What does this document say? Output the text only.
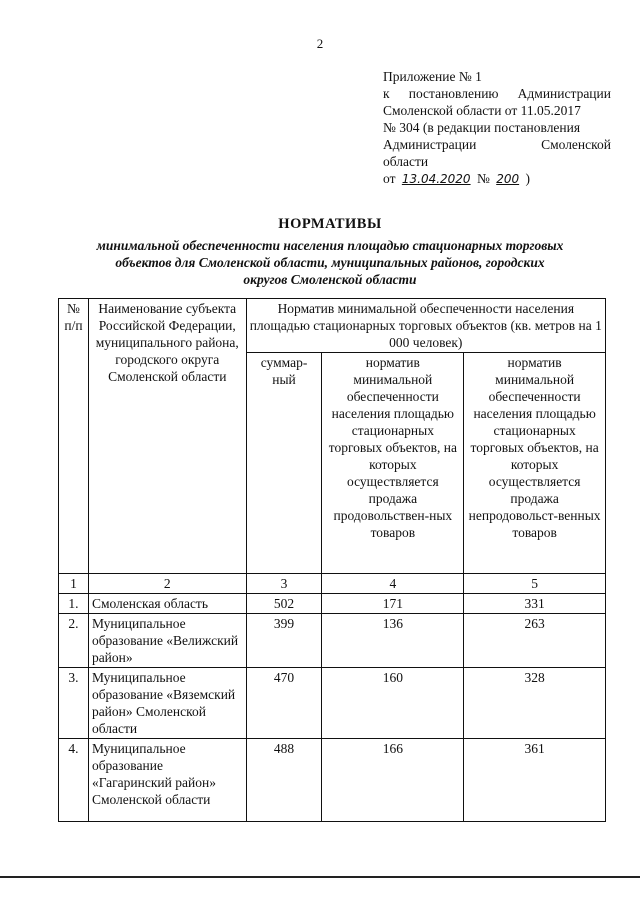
2
Приложение № 1
к постановлению Администрации
Смоленской области от 11.05.2017
№ 304 (в редакции постановления
Администрации	Смоленской
области
от 13.04.2020 № 200 )
НОРМАТИВЫ
минимальной обеспеченности населения площадью стационарных торговых
объектов для Смоленской области, муниципальных районов, городских
округов Смоленской области
№ п/п	Наименование субъекта Российской Федерации, муниципального района, городского округа Смоленской области	Норматив минимальной обеспеченности населения площадью стационарных торговых объектов (кв. метров на 1 000 человек)		
		суммар-ный	норматив минимальной обеспеченности населения площадью стационарных торговых объектов, на которых осуществляется продажа продовольствен-ных товаров	норматив минимальной обеспеченности населения площадью стационарных торговых объектов, на которых осуществляется продажа непродовольст-венных товаров
1	2	3	4	5
1.	Смоленская область	502	171	331
2.	Муниципальное образование «Велижский район»	399	136	263
3.	Муниципальное образование «Вяземский район» Смоленской области	470	160	328
4.	Муниципальное образование «Гагаринский район» Смоленской области	488	166	361
